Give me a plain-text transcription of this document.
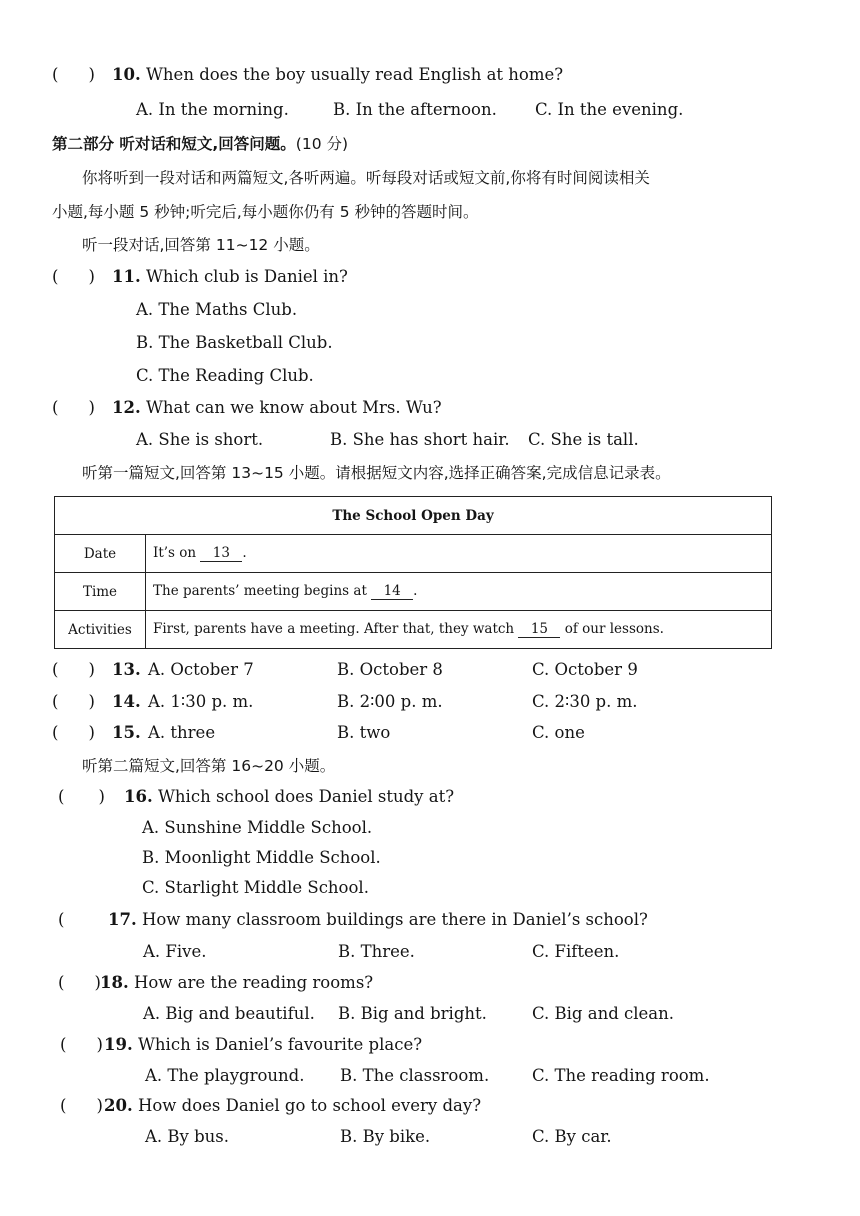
( ) 10. When does the boy usually read English at home?
A. In the morning.	B. In the afternoon. C. In the evening.
第二部分 听对话和短文,回答问题。(10 分)
你将听到一段对话和两篇短文,各听两遍。听每段对话或短文前,你将有时间阅读相关
小题,每小题 5 秒钟;听完后,每小题你仍有 5 秒钟的答题时间。
听一段对话,回答第 11~12 小题。
( ) 11. Which club is Daniel in?
A. The Maths Club.
B. The Basketball Club.
C. The Reading Club.
( ) 12. What can we know about Mrs. Wu?
A. She is short.	B. She has short hair. C. She is tall.
听第一篇短文,回答第 13~15 小题。请根据短文内容,选择正确答案,完成信息记录表。
The School Open Day	
Date	It’s on 13 .
Time	The parents’ meeting begins at 14 .
Activities	First, parents have a meeting. After that, they watch 15 of our lessons.
( ) 13. A. October 7	B. October 8	C. October 9
( ) 14. A. 1∶30 p. m.	B. 2∶00 p. m.	C. 2∶30 p. m.
( ) 15. A. three	B. two	C. one
听第二篇短文,回答第 16~20 小题。
( ) 16. Which school does Daniel study at?
A. Sunshine Middle School.
B. Moonlight Middle School.
C. Starlight Middle School.
(	17. How many classroom buildings are there in Daniel’s school?
A. Five.	B. Three.	C. Fifteen.
( )18. How are the reading rooms?
A. Big and beautiful. B. Big and bright.	C. Big and clean.
( )19. Which is Daniel’s favourite place?
A. The playground. B. The classroom.	C. The reading room.
( )20. How does Daniel go to school every day?
A. By bus.	B. By bike.	C. By car.
